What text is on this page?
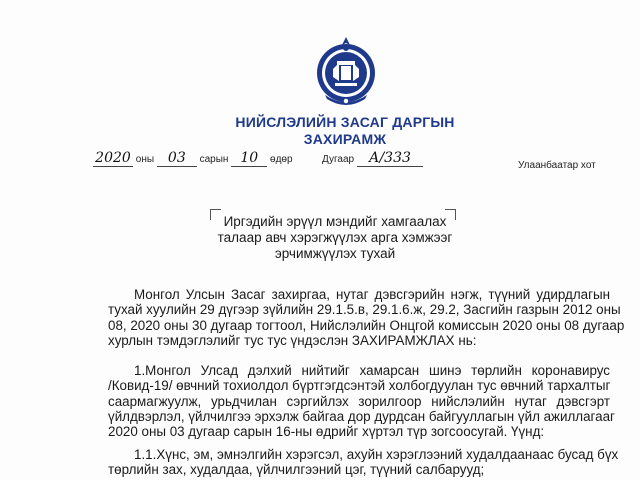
НИЙСЛЭЛИЙН ЗАСАГ ДАРГЫН
ЗАХИРАМЖ
2020 оны 03 сарын 10 өдөр	Дугаар А/333	Улаанбаатар хот
Иргэдийн эрүүл мэндийг хамгаалах
талаар авч хэрэгжүүлэх арга хэмжээг
эрчимжүүлэх тухай
Монгол Улсын Засаг захиргаа, нутаг дэвсгэрийн нэгж, түүний удирдлагын
тухай хуулийн 29 дүгээр зүйлийн 29.1.5.в, 29.1.6.ж, 29.2, Засгийн газрын 2012 оны
08, 2020 оны 30 дугаар тогтоол, Нийслэлийн Онцгой комиссын 2020 оны 08 дугаар
хурлын тэмдэглэлийг тус тус үндэслэн ЗАХИРАМЖЛАХ нь:
1.Монгол Улсад дэлхий нийтийг хамарсан шинэ төрлийн коронавирус
/Ковид-19/ өвчний тохиолдол бүртгэгдсэнтэй холбогдуулан тус өвчний тархалтыг
саармагжуулж, урьдчилан сэргийлэх зорилгоор нийслэлийн нутаг дэвсгэрт
үйлдвэрлэл, үйлчилгээ эрхэлж байгаа дор дурдсан байгууллагын үйл ажиллагааг
2020 оны 03 дугаар сарын 16-ны өдрийг хүртэл түр зогсоосугай. Үүнд:
1.1.Хүнс, эм, эмнэлгийн хэрэгсэл, ахуйн хэрэглээний худалдаанаас бусад бүх
төрлийн зах, худалдаа, үйлчилгээний цэг, түүний салбарууд;
